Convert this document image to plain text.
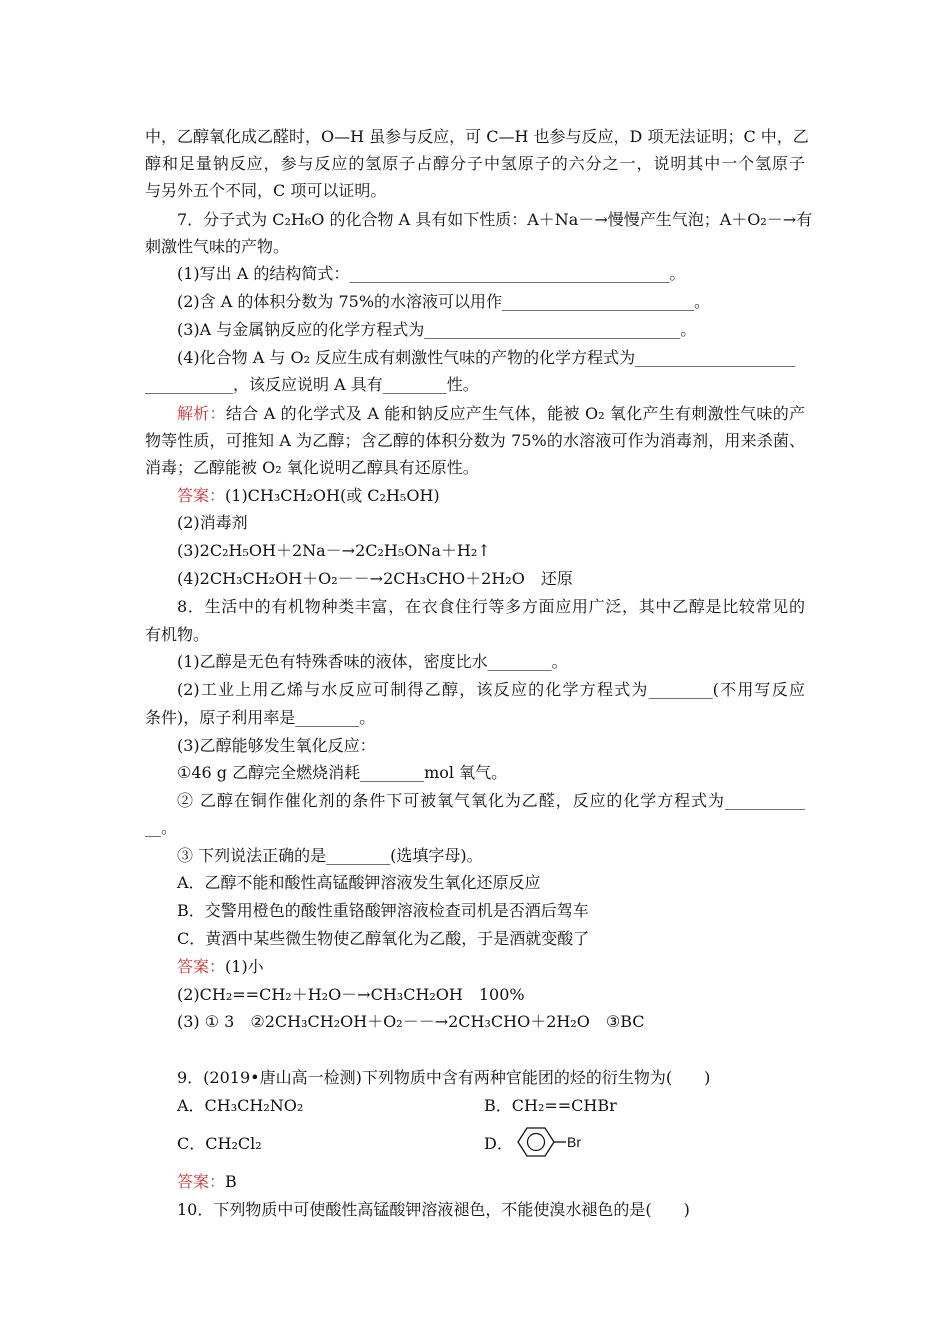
中，乙醇氧化成乙醛时，O—H 虽参与反应，可 C—H 也参与反应，D 项无法证明；C 中，乙
醇和足量钠反应，参与反应的氢原子占醇分子中氢原子的六分之一，说明其中一个氢原子
与另外五个不同，C 项可以证明。
7．分子式为 C₂H₆O 的化合物 A 具有如下性质：A＋Na－→慢慢产生气泡；A＋O₂－→有
刺激性气味的产物。
(1)写出 A 的结构简式：________________________________________。
(2)含 A 的体积分数为 75%的水溶液可以用作________________________。
(3)A 与金属钠反应的化学方程式为________________________________。
(4)化合物 A 与 O₂ 反应生成有刺激性气味的产物的化学方程式为____________________
___________，该反应说明 A 具有________性。
解析：结合 A 的化学式及 A 能和钠反应产生气体，能被 O₂ 氧化产生有刺激性气味的产
物等性质，可推知 A 为乙醇；含乙醇的体积分数为 75%的水溶液可作为消毒剂，用来杀菌、
消毒；乙醇能被 O₂ 氧化说明乙醇具有还原性。
答案：(1)CH₃CH₂OH(或 C₂H₅OH)
(2)消毒剂
(3)2C₂H₅OH＋2Na－→2C₂H₅ONa＋H₂↑
(4)2CH₃CH₂OH＋O₂－－→2CH₃CHO＋2H₂O　还原
8．生活中的有机物种类丰富，在衣食住行等多方面应用广泛，其中乙醇是比较常见的
有机物。
(1)乙醇是无色有特殊香味的液体，密度比水________。
(2)工业上用乙烯与水反应可制得乙醇，该反应的化学方程式为________(不用写反应
条件)，原子利用率是________。
(3)乙醇能够发生氧化反应：
①46 g 乙醇完全燃烧消耗________mol 氧气。
② 乙醇在铜作催化剂的条件下可被氧气氧化为乙醛，反应的化学方程式为__________
__。
③ 下列说法正确的是________(选填字母)。
A．乙醇不能和酸性高锰酸钾溶液发生氧化还原反应
B．交警用橙色的酸性重铬酸钾溶液检查司机是否酒后驾车
C．黄酒中某些微生物使乙醇氧化为乙酸，于是酒就变酸了
答案：(1)小
(2)CH₂==CH₂＋H₂O－→CH₃CH₂OH　100%
(3) ① 3　②2CH₃CH₂OH＋O₂－－→2CH₃CHO＋2H₂O　③BC
9．(2019•唐山高一检测)下列物质中含有两种官能团的烃的衍生物为(　　)
A．CH₃CH₂NO₂	B．CH₂==CHBr
C．CH₂Cl₂	D．	Br
答案：B
10．下列物质中可使酸性高锰酸钾溶液褪色，不能使溴水褪色的是(　　)
